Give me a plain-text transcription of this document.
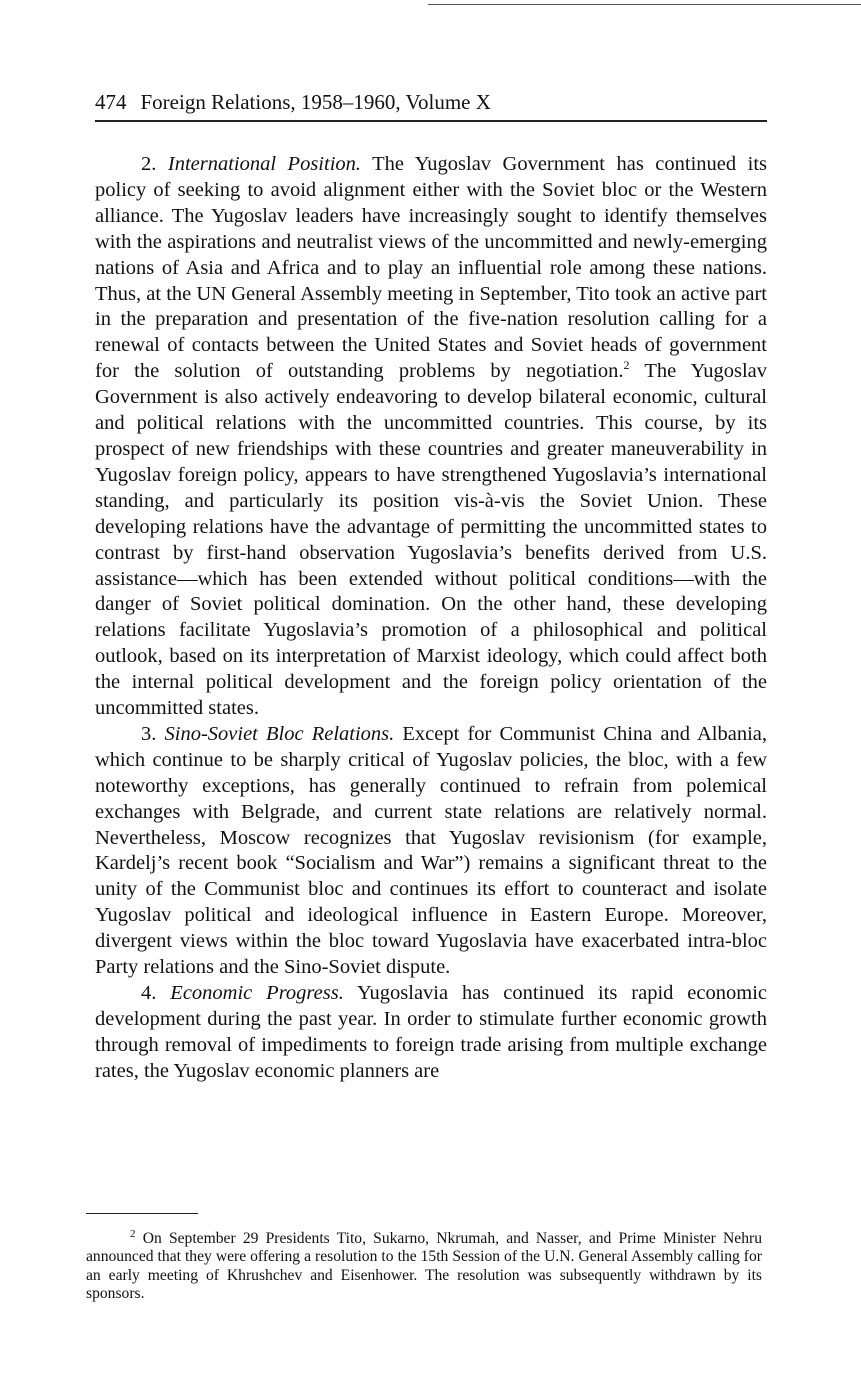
474 Foreign Relations, 1958–1960, Volume X

2. International Position. The Yugoslav Government has continued its policy of seeking to avoid alignment either with the Soviet bloc or the Western alliance. The Yugoslav leaders have increasingly sought to identify themselves with the aspirations and neutralist views of the uncommitted and newly-emerging nations of Asia and Africa and to play an influential role among these nations. Thus, at the UN General Assembly meeting in September, Tito took an active part in the preparation and presentation of the five-nation resolution calling for a renewal of contacts between the United States and Soviet heads of government for the solution of outstanding problems by negotiation.$^2$ The Yugoslav Government is also actively endeavoring to develop bilateral economic, cultural and political relations with the uncommitted countries. This course, by its prospect of new friendships with these countries and greater maneuverability in Yugoslav foreign policy, appears to have strengthened Yugoslavia’s international standing, and particularly its position vis-à-vis the Soviet Union. These developing relations have the advantage of permitting the uncommitted states to contrast by first-hand observation Yugoslavia’s benefits derived from U.S. assistance—which has been extended without political conditions—with the danger of Soviet political domination. On the other hand, these developing relations facilitate Yugoslavia’s promotion of a philosophical and political outlook, based on its interpretation of Marxist ideology, which could affect both the internal political development and the foreign policy orientation of the uncommitted states.

3. Sino-Soviet Bloc Relations. Except for Communist China and Albania, which continue to be sharply critical of Yugoslav policies, the bloc, with a few noteworthy exceptions, has generally continued to refrain from polemical exchanges with Belgrade, and current state relations are relatively normal. Nevertheless, Moscow recognizes that Yugoslav revisionism (for example, Kardelj’s recent book “Socialism and War”) remains a significant threat to the unity of the Communist bloc and continues its effort to counteract and isolate Yugoslav political and ideological influence in Eastern Europe. Moreover, divergent views within the bloc toward Yugoslavia have exacerbated intra-bloc Party relations and the Sino-Soviet dispute.

4. Economic Progress. Yugoslavia has continued its rapid economic development during the past year. In order to stimulate further economic growth through removal of impediments to foreign trade arising from multiple exchange rates, the Yugoslav economic planners are

$^2$ On September 29 Presidents Tito, Sukarno, Nkrumah, and Nasser, and Prime Minister Nehru announced that they were offering a resolution to the 15th Session of the U.N. General Assembly calling for an early meeting of Khrushchev and Eisenhower. The resolution was subsequently withdrawn by its sponsors.
